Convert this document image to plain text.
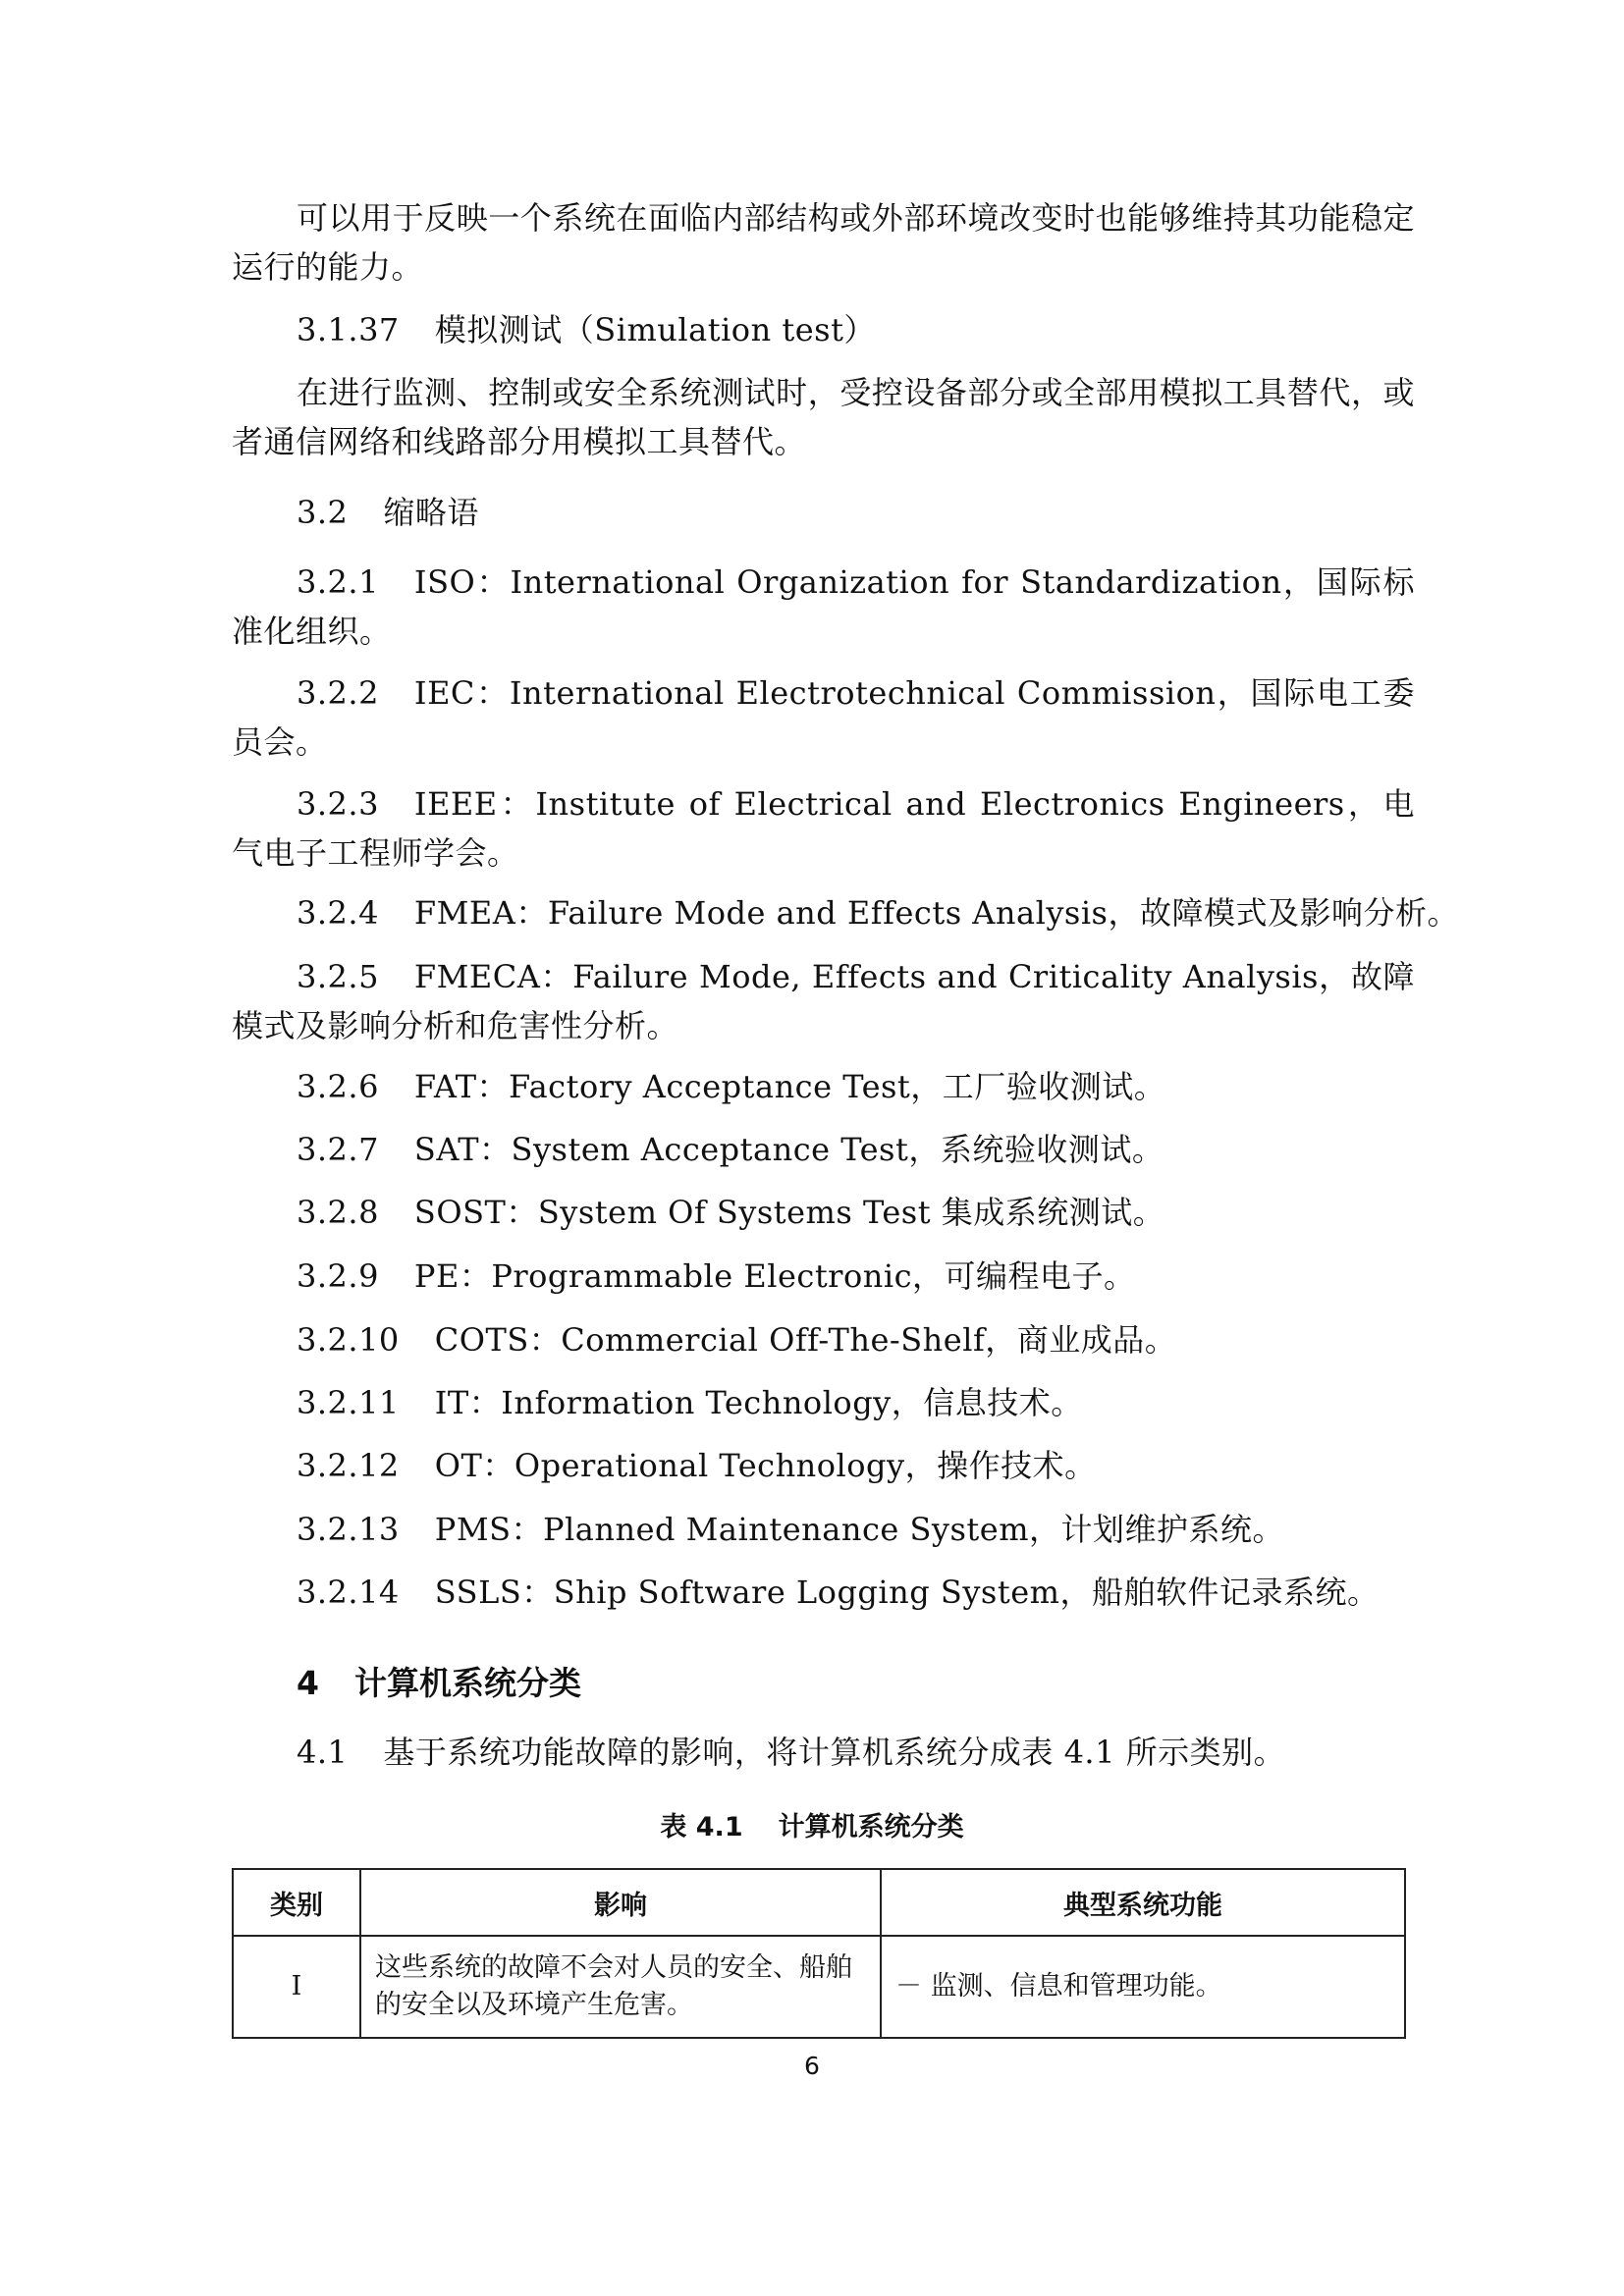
可以用于反映一个系统在面临内部结构或外部环境改变时也能够维持其功能稳定运行的能力。

3.1.37 模拟测试（Simulation test）

在进行监测、控制或安全系统测试时，受控设备部分或全部用模拟工具替代，或者通信网络和线路部分用模拟工具替代。

3.2 缩略语

3.2.1 ISO：International Organization for Standardization，国际标准化组织。

3.2.2 IEC：International Electrotechnical Commission，国际电工委员会。

3.2.3 IEEE：Institute of Electrical and Electronics Engineers，电气电子工程师学会。

3.2.4 FMEA：Failure Mode and Effects Analysis，故障模式及影响分析。

3.2.5 FMECA：Failure Mode, Effects and Criticality Analysis，故障模式及影响分析和危害性分析。

3.2.6 FAT：Factory Acceptance Test，工厂验收测试。

3.2.7 SAT：System Acceptance Test，系统验收测试。

3.2.8 SOST：System Of Systems Test 集成系统测试。

3.2.9 PE：Programmable Electronic，可编程电子。

3.2.10 COTS：Commercial Off-The-Shelf，商业成品。

3.2.11 IT：Information Technology，信息技术。

3.2.12 OT：Operational Technology，操作技术。

3.2.13 PMS：Planned Maintenance System，计划维护系统。

3.2.14 SSLS：Ship Software Logging System，船舶软件记录系统。

4 计算机系统分类

4.1 基于系统功能故障的影响，将计算机系统分成表 4.1 所示类别。

表 4.1 计算机系统分类
类别	影响	典型系统功能
I	这些系统的故障不会对人员的安全、船舶的安全以及环境产生危害。	－ 监测、信息和管理功能。
6
